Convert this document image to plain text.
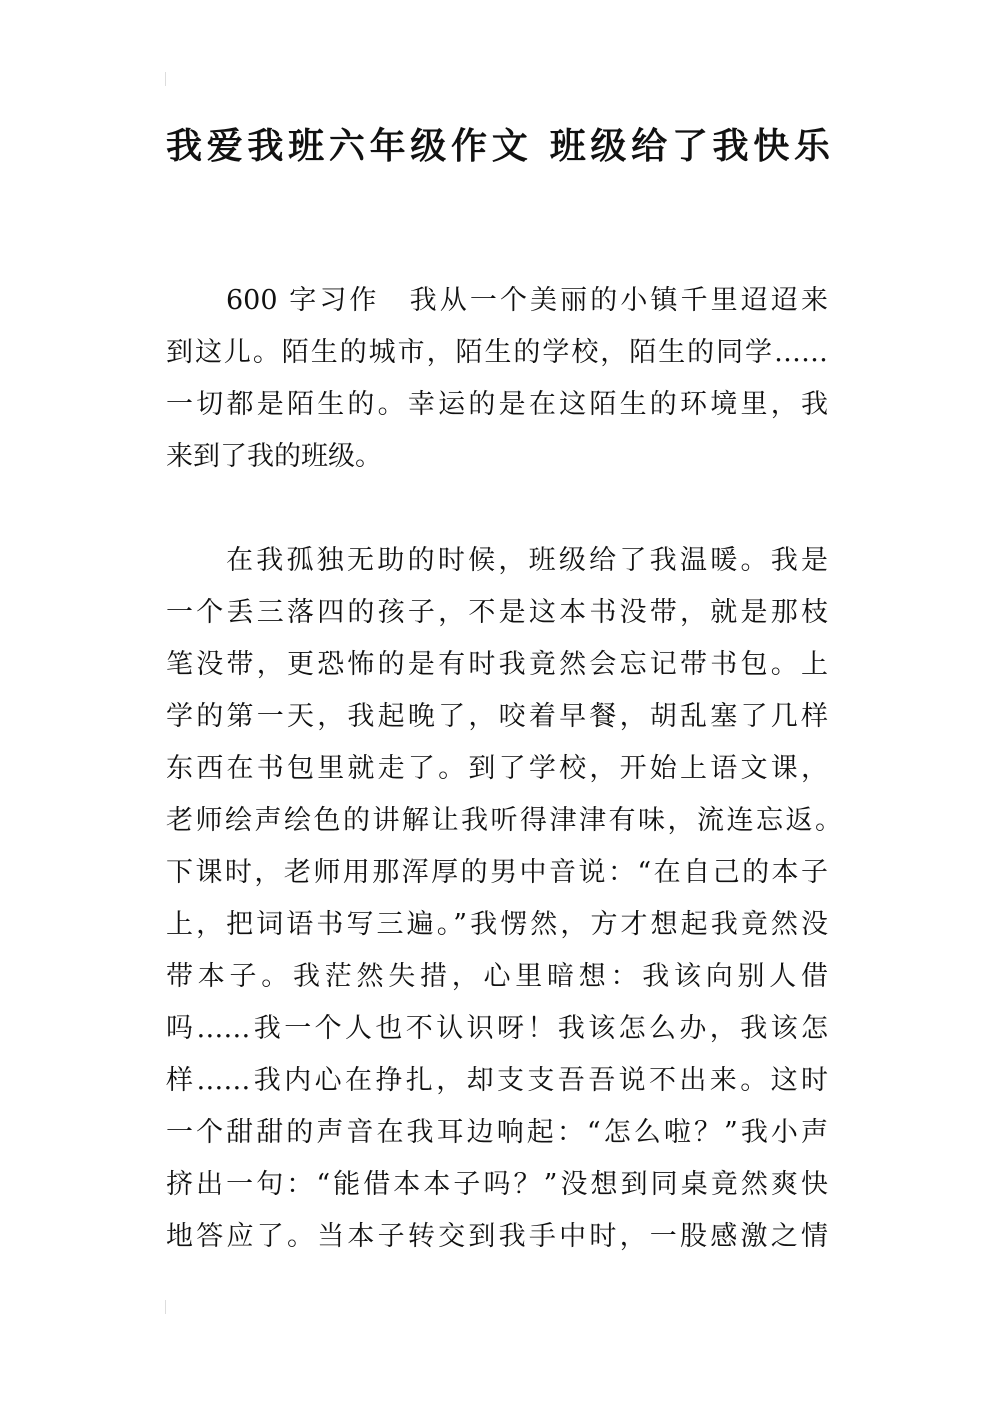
我爱我班六年级作文 班级给了我快乐
600 字习作　我从一个美丽的小镇千里迢迢来
到这儿。陌生的城市，陌生的学校，陌生的同学……
一切都是陌生的。幸运的是在这陌生的环境里，我
来到了我的班级。
在我孤独无助的时候，班级给了我温暖。我是
一个丢三落四的孩子，不是这本书没带，就是那枝
笔没带，更恐怖的是有时我竟然会忘记带书包。上
学的第一天，我起晚了，咬着早餐，胡乱塞了几样
东西在书包里就走了。到了学校，开始上语文课，
老师绘声绘色的讲解让我听得津津有味，流连忘返。
下课时，老师用那浑厚的男中音说：“在自己的本子
上，把词语书写三遍。”我愣然，方才想起我竟然没
带本子。我茫然失措，心里暗想：我该向别人借
吗……我一个人也不认识呀！我该怎么办，我该怎
样……我内心在挣扎，却支支吾吾说不出来。这时
一个甜甜的声音在我耳边响起：“怎么啦？”我小声
挤出一句：“能借本本子吗？”没想到同桌竟然爽快
地答应了。当本子转交到我手中时，一股感激之情
